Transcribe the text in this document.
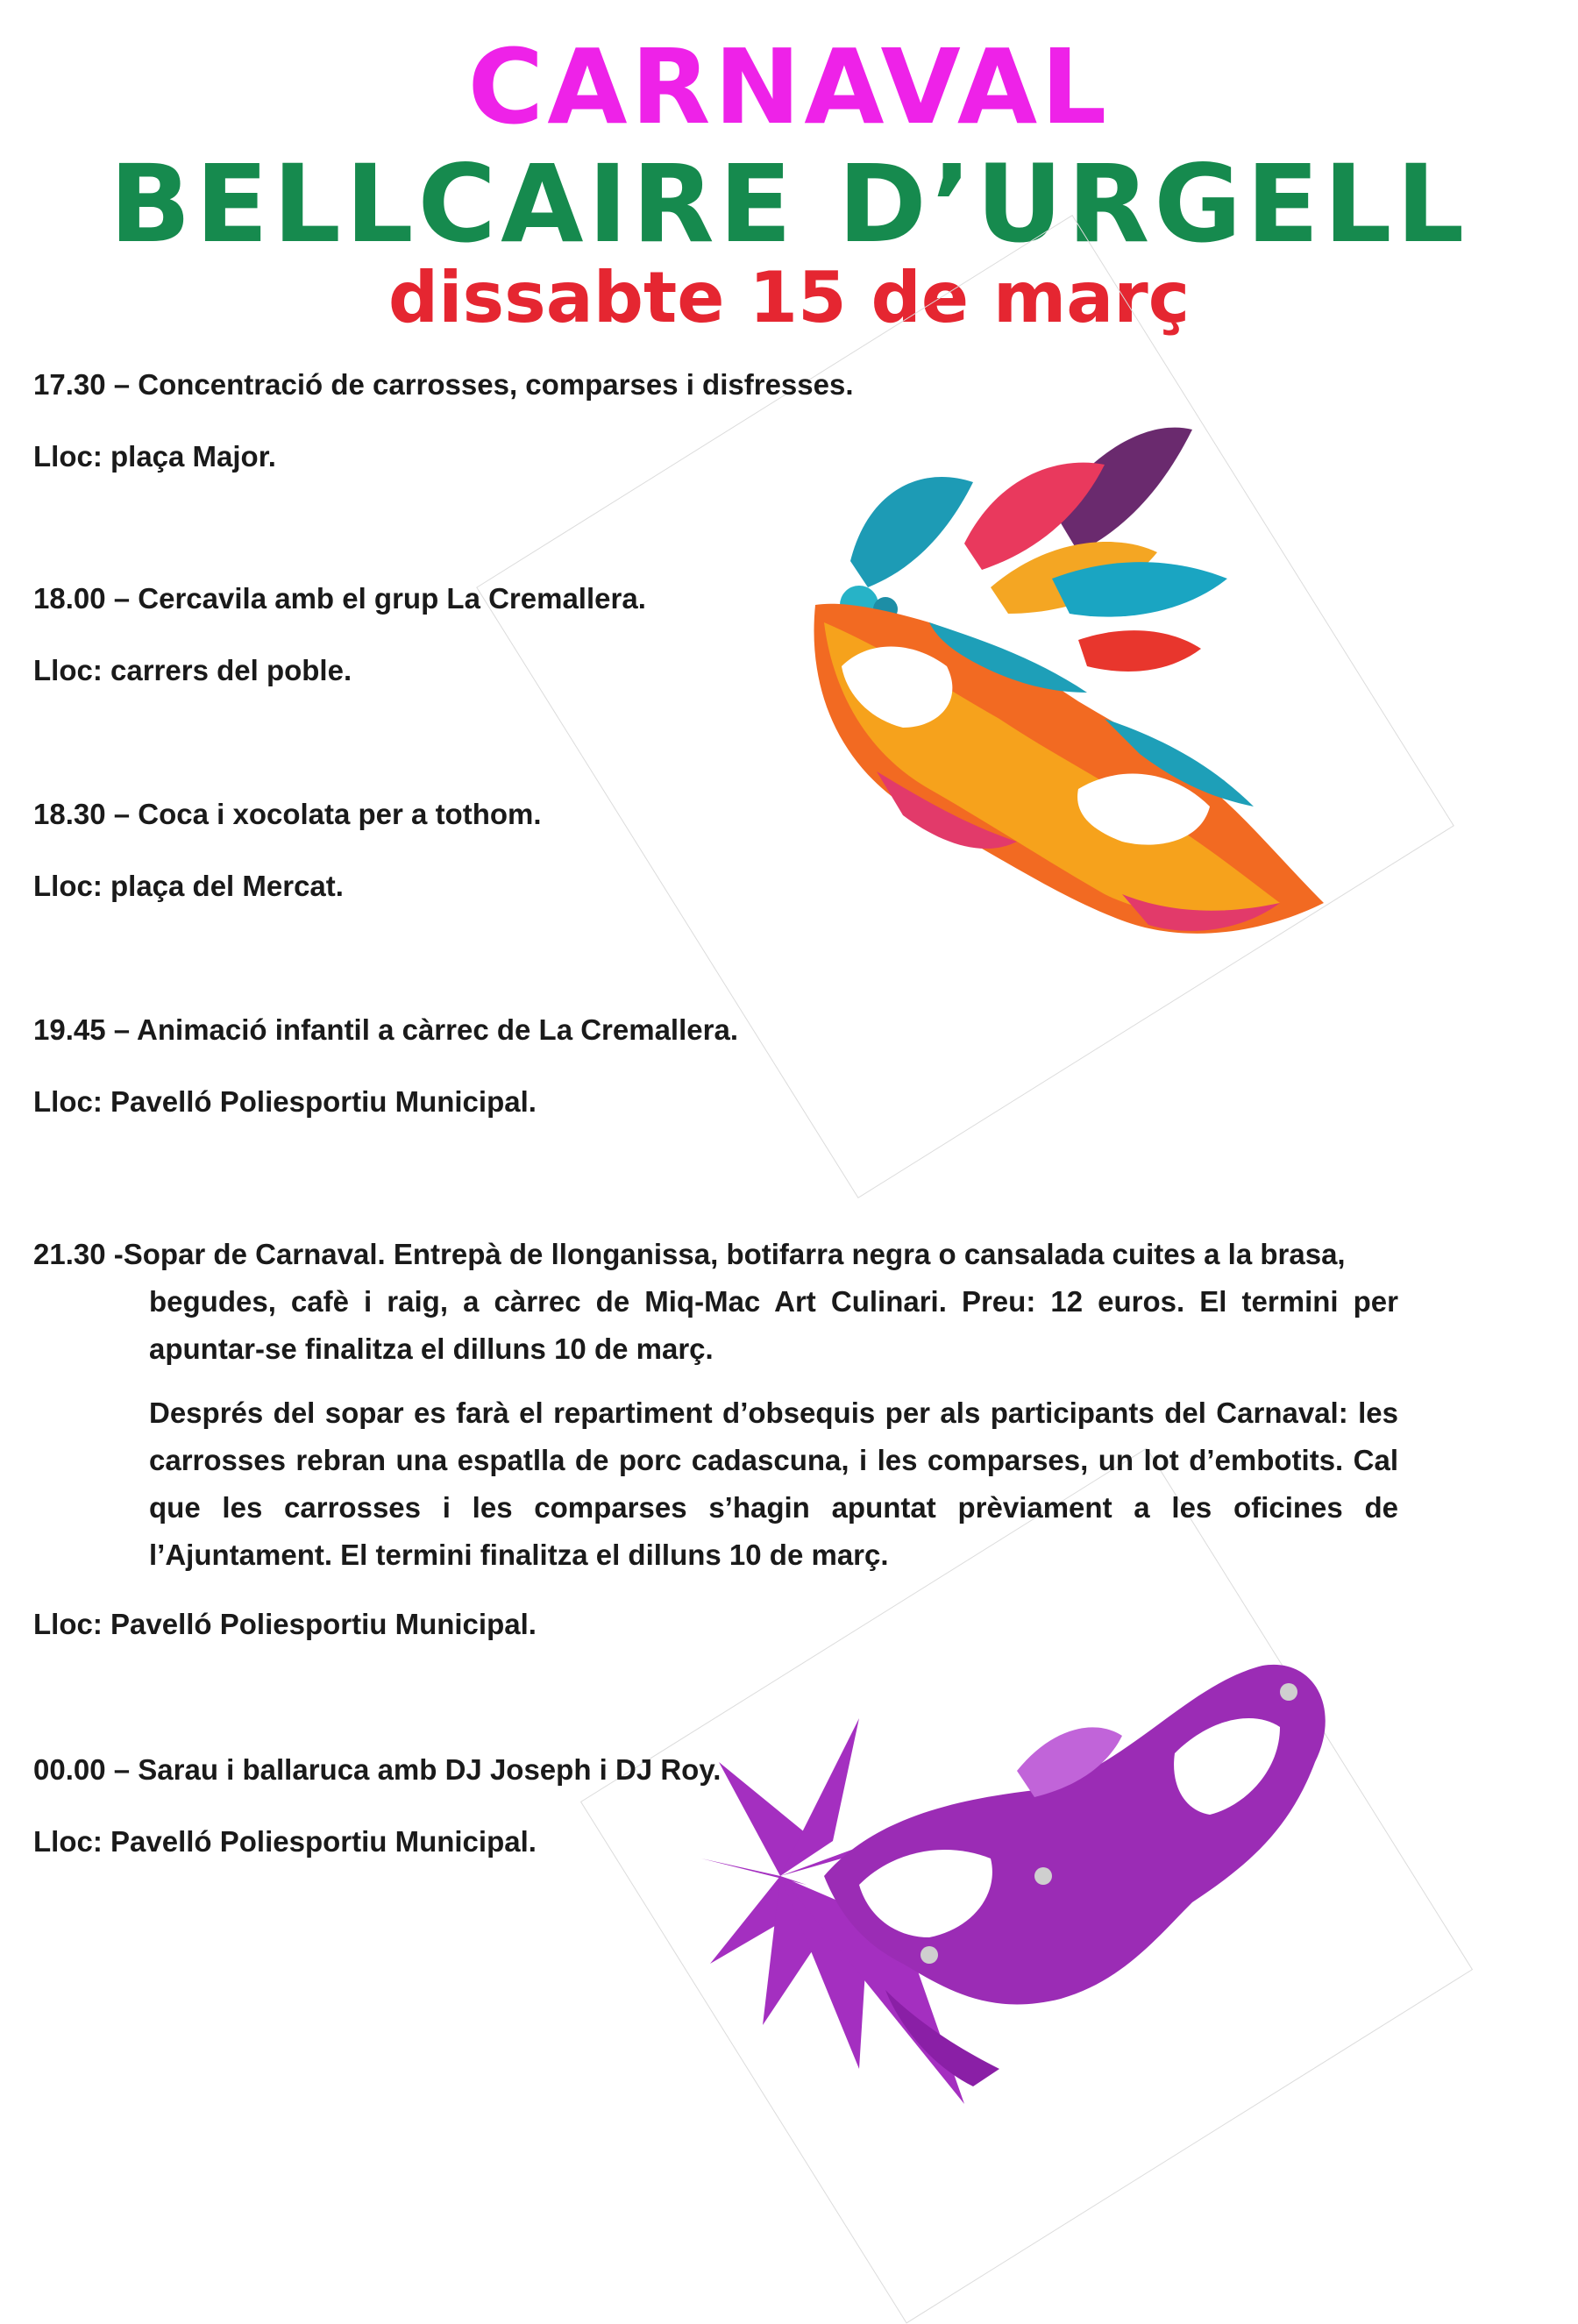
CARNAVAL
BELLCAIRE D’URGELL
dissabte 15 de març

17.30 – Concentració de carrosses, comparses i disfresses.

Lloc: plaça Major.

18.00 – Cercavila amb el grup La Cremallera.

Lloc: carrers del poble.

18.30 – Coca i xocolata per a tothom.

Lloc: plaça del Mercat.

19.45 – Animació infantil a càrrec de La Cremallera.

Lloc: Pavelló Poliesportiu Municipal.

21.30 -Sopar de Carnaval. Entrepà de llonganissa, botifarra negra o cansalada cuites a la brasa,

begudes, cafè i raig, a càrrec de Miq-Mac Art Culinari. Preu: 12 euros. El termini per apuntar-se finalitza el dilluns 10 de març.

Després del sopar es farà el repartiment d’obsequis per als participants del Carnaval: les carrosses rebran una espatlla de porc cadascuna, i les comparses, un lot d’embotits. Cal que les carrosses i les comparses s’hagin apuntat prèviament a les oficines de l’Ajuntament. El termini finalitza el dilluns 10 de març.

Lloc: Pavelló Poliesportiu Municipal.

00.00 – Sarau i ballaruca amb DJ Joseph i DJ Roy.

Lloc: Pavelló Poliesportiu Municipal.
